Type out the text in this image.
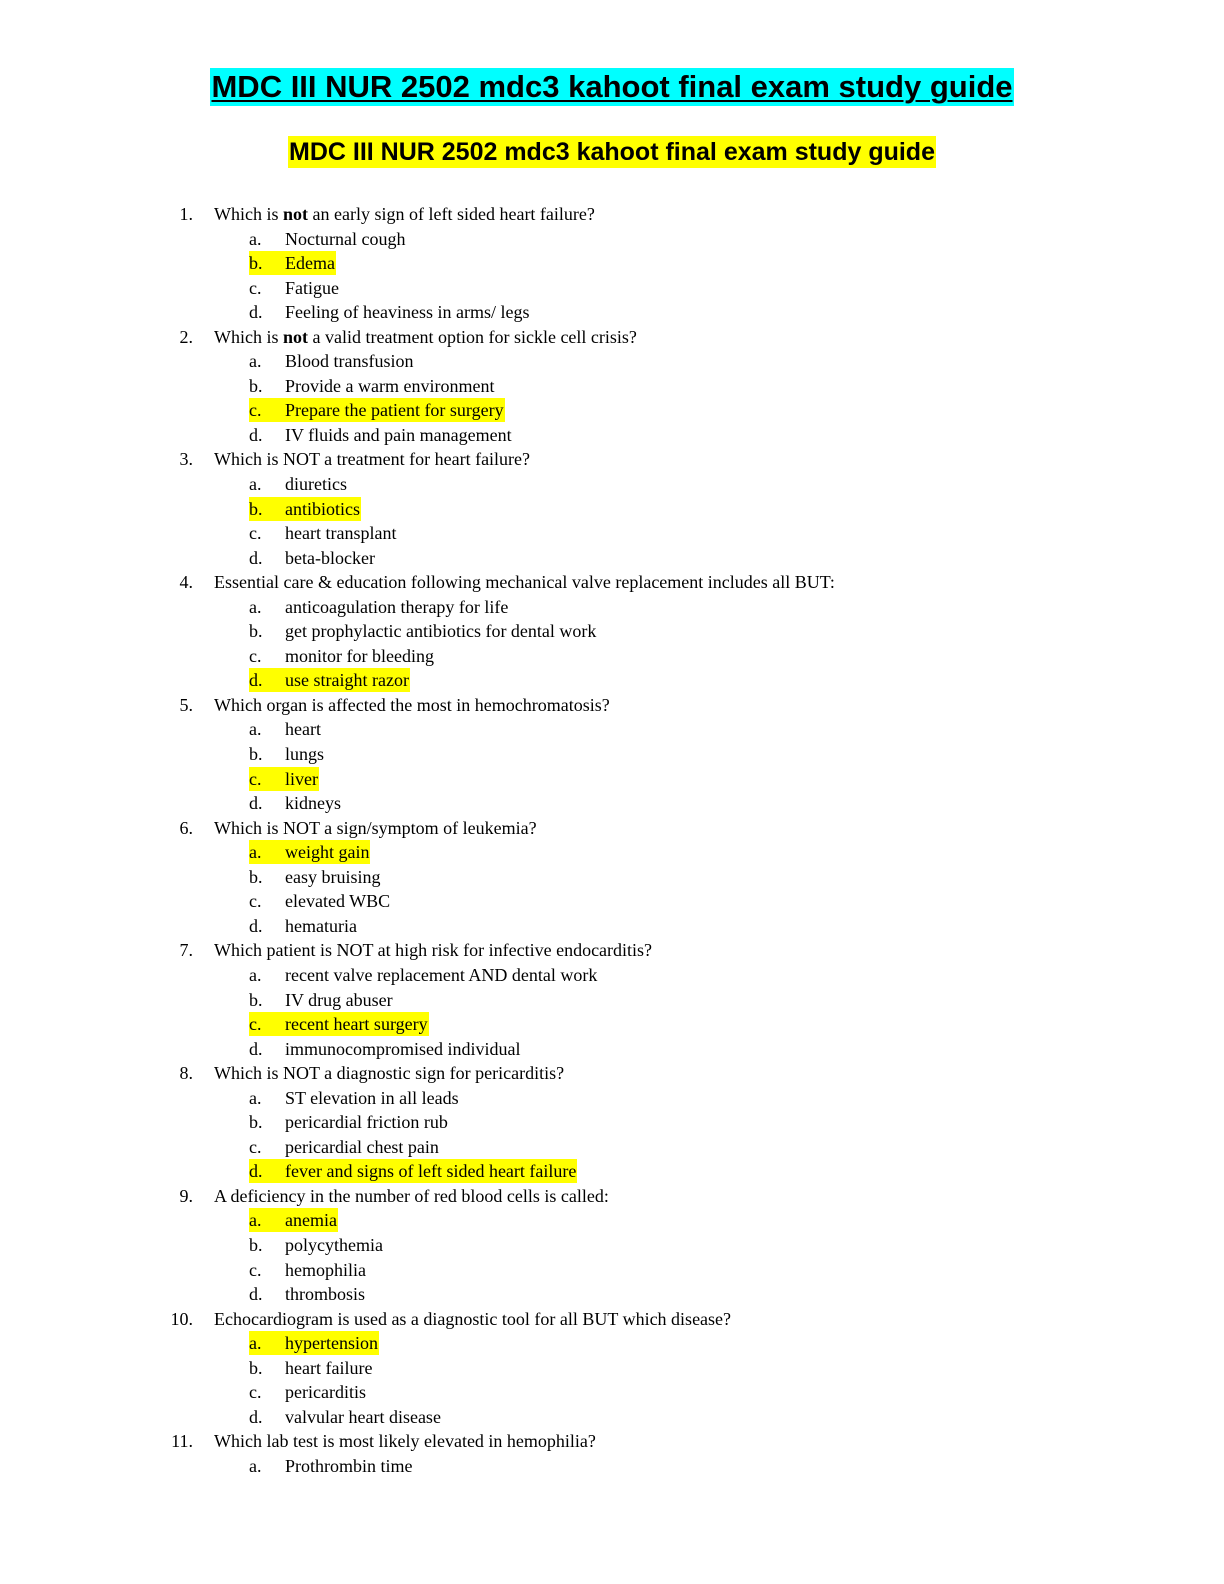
MDC III NUR 2502 mdc3 kahoot final exam study guide
MDC III NUR 2502 mdc3 kahoot final exam study guide
1. Which is not an early sign of left sided heart failure?
a.	Nocturnal cough
b.	Edema
c.	Fatigue
d.	Feeling of heaviness in arms/ legs
2. Which is not a valid treatment option for sickle cell crisis?
a.	Blood transfusion
b.	Provide a warm environment
c.	Prepare the patient for surgery
d.	IV fluids and pain management
3. Which is NOT a treatment for heart failure?
a.	diuretics
b.	antibiotics
c.	heart transplant
d.	beta-blocker
4. Essential care & education following mechanical valve replacement includes all BUT:
a.	anticoagulation therapy for life
b.	get prophylactic antibiotics for dental work
c.	monitor for bleeding
d.	use straight razor
5. Which organ is affected the most in hemochromatosis?
a.	heart
b.	lungs
c.	liver
d.	kidneys
6. Which is NOT a sign/symptom of leukemia?
a.	weight gain
b.	easy bruising
c.	elevated WBC
d.	hematuria
7. Which patient is NOT at high risk for infective endocarditis?
a.	recent valve replacement AND dental work
b.	IV drug abuser
c.	recent heart surgery
d.	immunocompromised individual
8. Which is NOT a diagnostic sign for pericarditis?
a.	ST elevation in all leads
b.	pericardial friction rub
c.	pericardial chest pain
d.	fever and signs of left sided heart failure
9. A deficiency in the number of red blood cells is called:
a.	anemia
b.	polycythemia
c.	hemophilia
d.	thrombosis
10. Echocardiogram is used as a diagnostic tool for all BUT which disease?
a.	hypertension
b.	heart failure
c.	pericarditis
d.	valvular heart disease
11. Which lab test is most likely elevated in hemophilia?
a.	Prothrombin time
